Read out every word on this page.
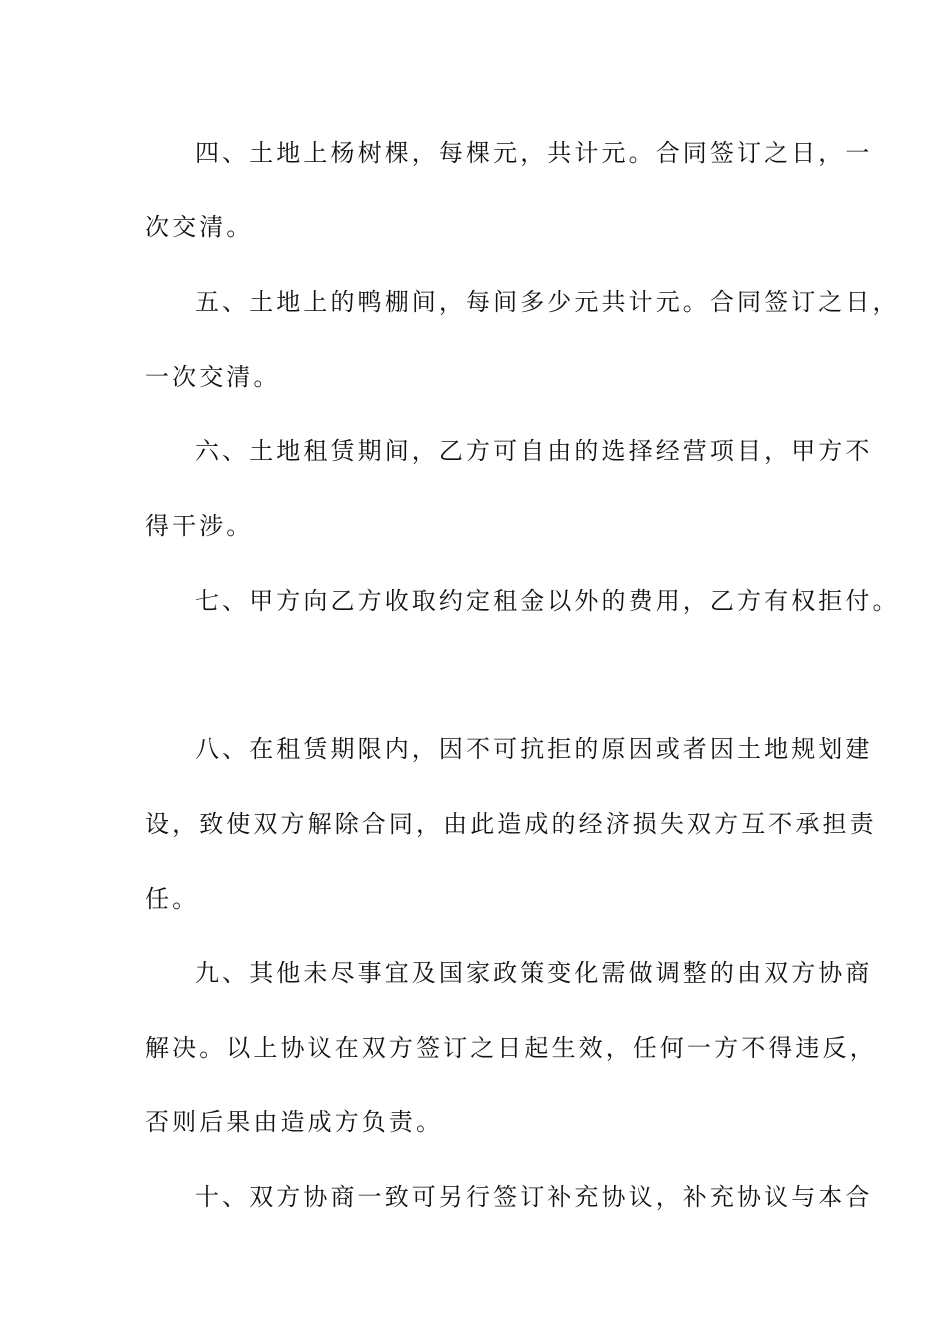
四、土地上杨树棵，每棵元，共计元。合同签订之日，一

次交清。

五、土地上的鸭棚间，每间多少元共计元。合同签订之日，

一次交清。

六、土地租赁期间，乙方可自由的选择经营项目，甲方不

得干涉。

七、甲方向乙方收取约定租金以外的费用，乙方有权拒付。

八、在租赁期限内，因不可抗拒的原因或者因土地规划建

设，致使双方解除合同，由此造成的经济损失双方互不承担责

任。

九、其他未尽事宜及国家政策变化需做调整的由双方协商

解决。以上协议在双方签订之日起生效，任何一方不得违反，

否则后果由造成方负责。

十、双方协商一致可另行签订补充协议，补充协议与本合
